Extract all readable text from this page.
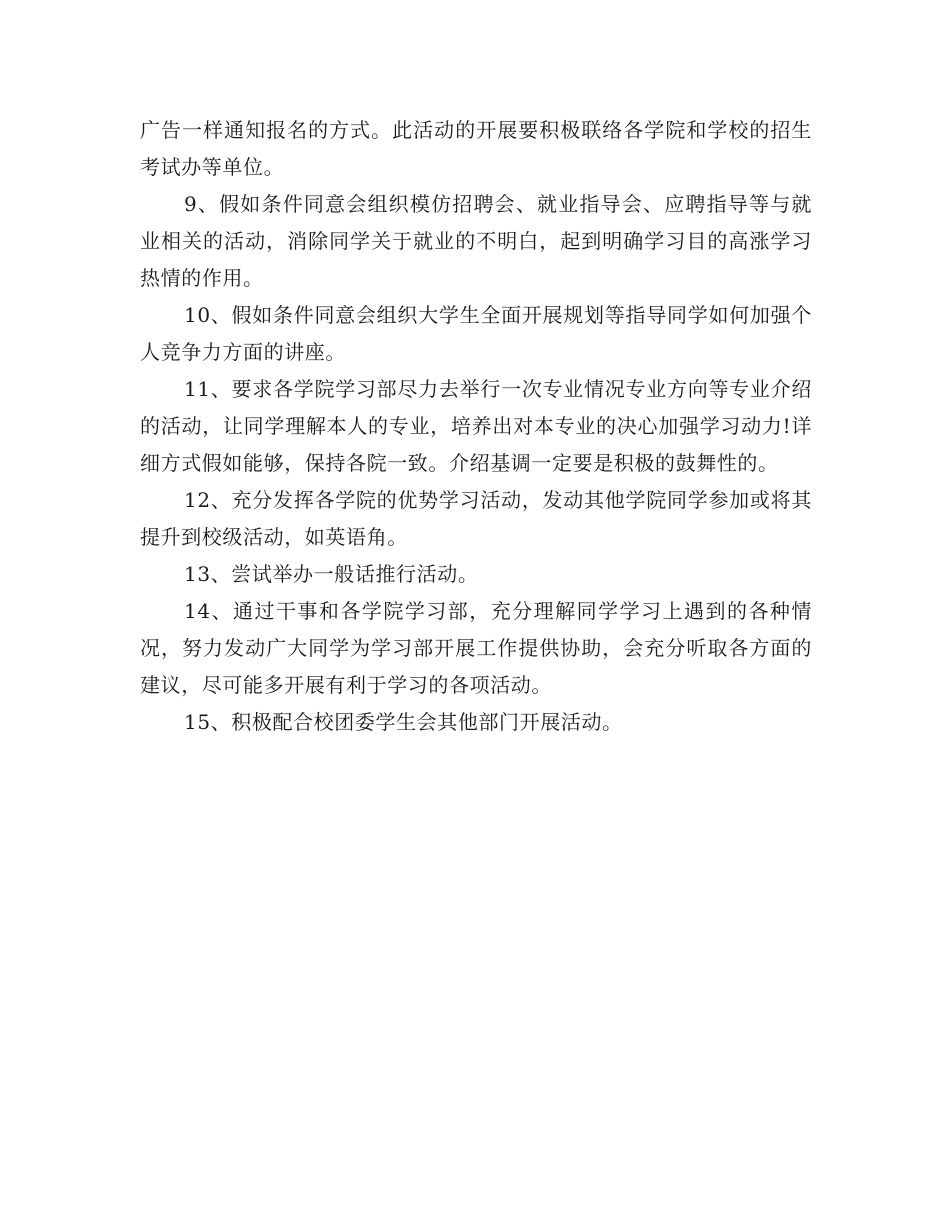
广告一样通知报名的方式。此活动的开展要积极联络各学院和学校的招生考试办等单位。

9、假如条件同意会组织模仿招聘会、就业指导会、应聘指导等与就业相关的活动，消除同学关于就业的不明白，起到明确学习目的高涨学习热情的作用。

10、假如条件同意会组织大学生全面开展规划等指导同学如何加强个人竞争力方面的讲座。

11、要求各学院学习部尽力去举行一次专业情况专业方向等专业介绍的活动，让同学理解本人的专业，培养出对本专业的决心加强学习动力!详细方式假如能够，保持各院一致。介绍基调一定要是积极的鼓舞性的。

12、充分发挥各学院的优势学习活动，发动其他学院同学参加或将其提升到校级活动，如英语角。

13、尝试举办一般话推行活动。

14、通过干事和各学院学习部，充分理解同学学习上遇到的各种情况，努力发动广大同学为学习部开展工作提供协助，会充分听取各方面的建议，尽可能多开展有利于学习的各项活动。

15、积极配合校团委学生会其他部门开展活动。
